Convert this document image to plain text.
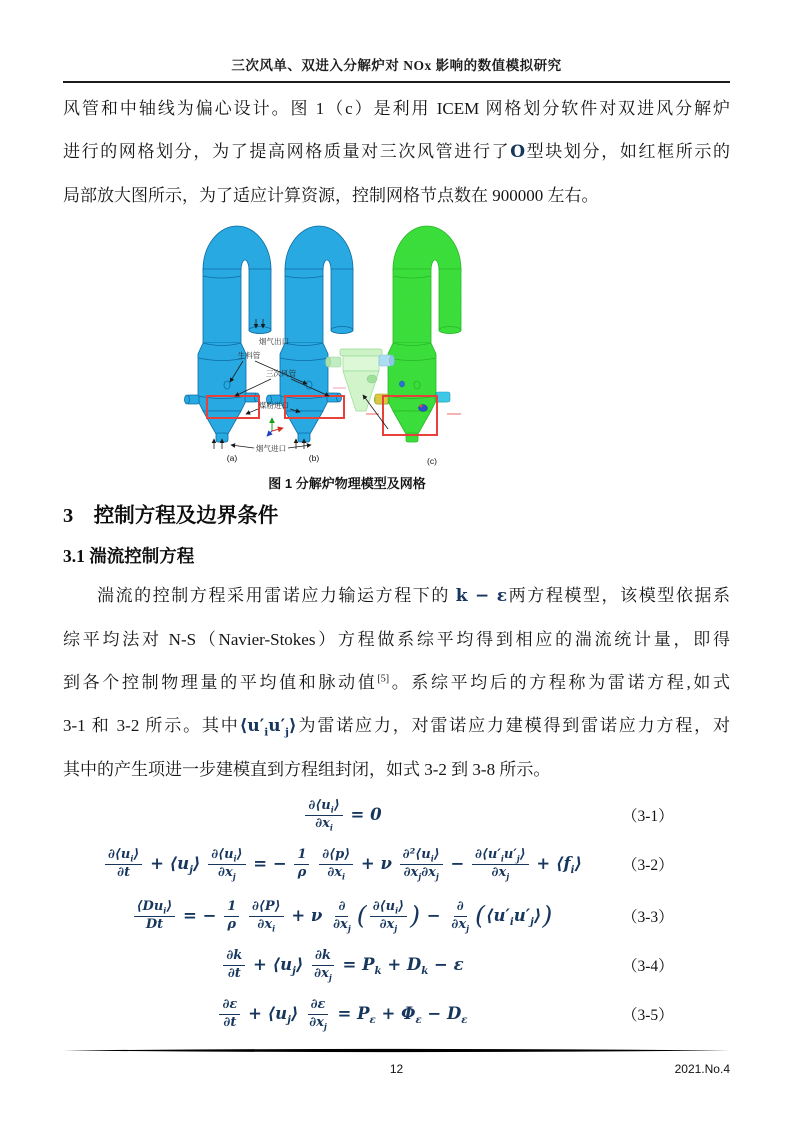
三次风单、双进入分解炉对 NOx 影响的数值模拟研究
风管和中轴线为偏心设计。图 1（c）是利用 ICEM 网格划分软件对双进风分解炉
进行的网格划分，为了提高网格质量对三次风管进行了O型块划分，如红框所示的
局部放大图所示，为了适应计算资源，控制网格节点数在 900000 左右。
烟气出口
生料管
三次风管
煤粉进口
烟气进口
(a)	(b)	(c)
图 1 分解炉物理模型及网格
3　控制方程及边界条件
3.1 湍流控制方程
湍流的控制方程采用雷诺应力输运方程下的 k − ε两方程模型，该模型依据系
综平均法对 N-S（Navier-Stokes）方程做系综平均得到相应的湍流统计量，即得
到各个控制物理量的平均值和脉动值[5]。系综平均后的方程称为雷诺方程,如式
3-1 和 3-2 所示。其中$⟨u'_iu'_j⟩$为雷诺应力，对雷诺应力建模得到雷诺应力方程，对
其中的产生项进一步建模直到方程组封闭，如式 3-2 到 3-8 所示。
$\frac{\partial⟨u_i⟩}{\partial x_i} = 0$	（3-1）
$\frac{\partial⟨u_i⟩}{\partial t}$ + $⟨u_j⟩ \frac{\partial⟨u_i⟩}{\partial x_j}$ = − $\frac{1}{\rho}$
$\frac{\partial⟨p⟩}{\partial x_i} + \nu \frac{\partial^2⟨u_i⟩}{\partial x_j\partial x_j} - \frac{\partial⟨u'_iu'_j⟩}{\partial x_j}$ + $⟨f_i⟩$	（3-2）
$\frac{⟨Du_i⟩}{Dt}$ = − $\frac{1}{\rho}$
$\frac{\partial⟨P⟩}{\partial x_i} + \nu \frac{\partial}{\partial x_j}$ ( $\frac{\partial⟨u_i⟩}{\partial x_j}$ ) − $\frac{\partial}{\partial x_j}$ $(⟨u'_iu'_j⟩)$	（3-3）
$\frac{\partial k}{\partial t}$ + $⟨u_j⟩ \frac{\partial k}{\partial x_j} = P_k + D_k - \varepsilon$	（3-4）
$\frac{\partial\varepsilon}{\partial t}$ + $⟨u_j⟩ \frac{\partial\varepsilon}{\partial x_j} = P_\varepsilon + \Phi_\varepsilon - D_\varepsilon$	（3-5）
12	2021.No.4
